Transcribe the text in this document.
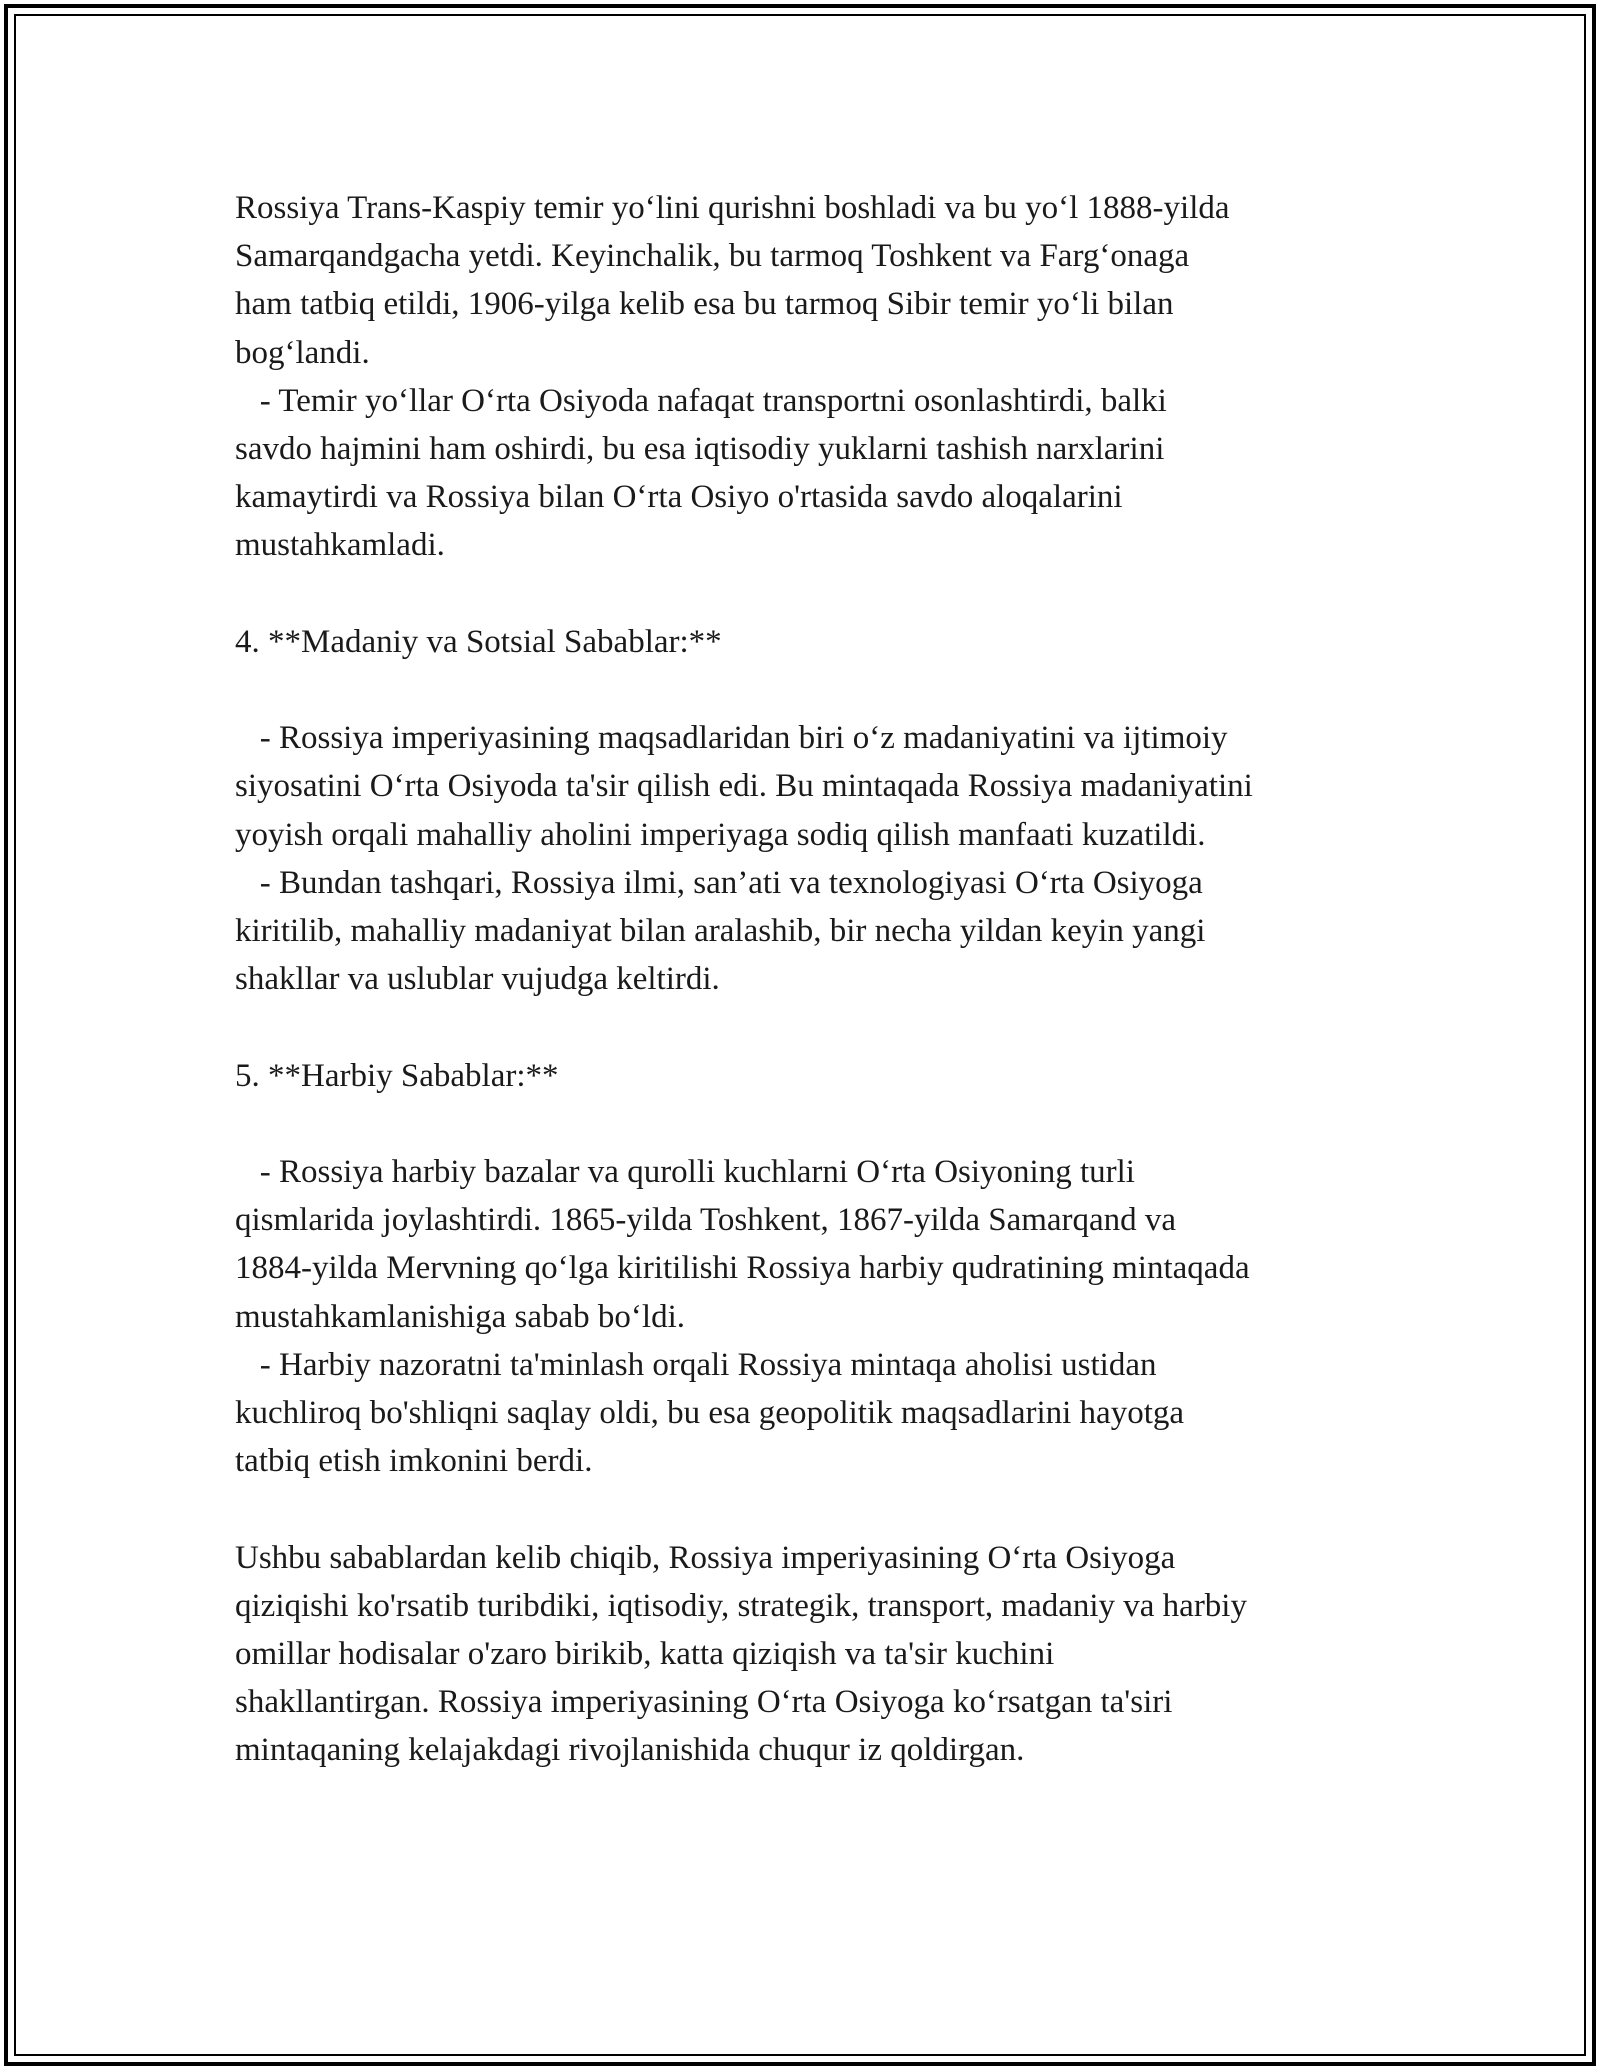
Rossiya Trans-Kaspiy temir yo‘lini qurishni boshladi va bu yo‘l 1888-yilda
Samarqandgacha yetdi. Keyinchalik, bu tarmoq Toshkent va Farg‘onaga
ham tatbiq etildi, 1906-yilga kelib esa bu tarmoq Sibir temir yo‘li bilan
bog‘landi.
- Temir yo‘llar O‘rta Osiyoda nafaqat transportni osonlashtirdi, balki
savdo hajmini ham oshirdi, bu esa iqtisodiy yuklarni tashish narxlarini
kamaytirdi va Rossiya bilan O‘rta Osiyo o'rtasida savdo aloqalarini
mustahkamladi.
4. **Madaniy va Sotsial Sabablar:**
- Rossiya imperiyasining maqsadlaridan biri o‘z madaniyatini va ijtimoiy
siyosatini O‘rta Osiyoda ta'sir qilish edi. Bu mintaqada Rossiya madaniyatini
yoyish orqali mahalliy aholini imperiyaga sodiq qilish manfaati kuzatildi.
- Bundan tashqari, Rossiya ilmi, san’ati va texnologiyasi O‘rta Osiyoga
kiritilib, mahalliy madaniyat bilan aralashib, bir necha yildan keyin yangi
shakllar va uslublar vujudga keltirdi.
5. **Harbiy Sabablar:**
- Rossiya harbiy bazalar va qurolli kuchlarni O‘rta Osiyoning turli
qismlarida joylashtirdi. 1865-yilda Toshkent, 1867-yilda Samarqand va
1884-yilda Mervning qo‘lga kiritilishi Rossiya harbiy qudratining mintaqada
mustahkamlanishiga sabab bo‘ldi.
- Harbiy nazoratni ta'minlash orqali Rossiya mintaqa aholisi ustidan
kuchliroq bo'shliqni saqlay oldi, bu esa geopolitik maqsadlarini hayotga
tatbiq etish imkonini berdi.
Ushbu sabablardan kelib chiqib, Rossiya imperiyasining O‘rta Osiyoga
qiziqishi ko'rsatib turibdiki, iqtisodiy, strategik, transport, madaniy va harbiy
omillar hodisalar o'zaro birikib, katta qiziqish va ta'sir kuchini
shakllantirgan. Rossiya imperiyasining O‘rta Osiyoga ko‘rsatgan ta'siri
mintaqaning kelajakdagi rivojlanishida chuqur iz qoldirgan.
